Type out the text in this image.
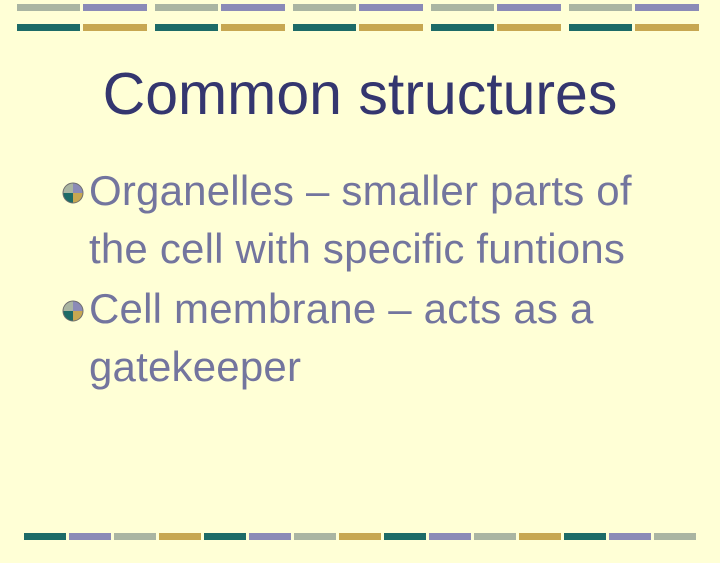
Common structures
Organelles – smaller parts of the cell with specific funtions
Cell membrane – acts as a gatekeeper
